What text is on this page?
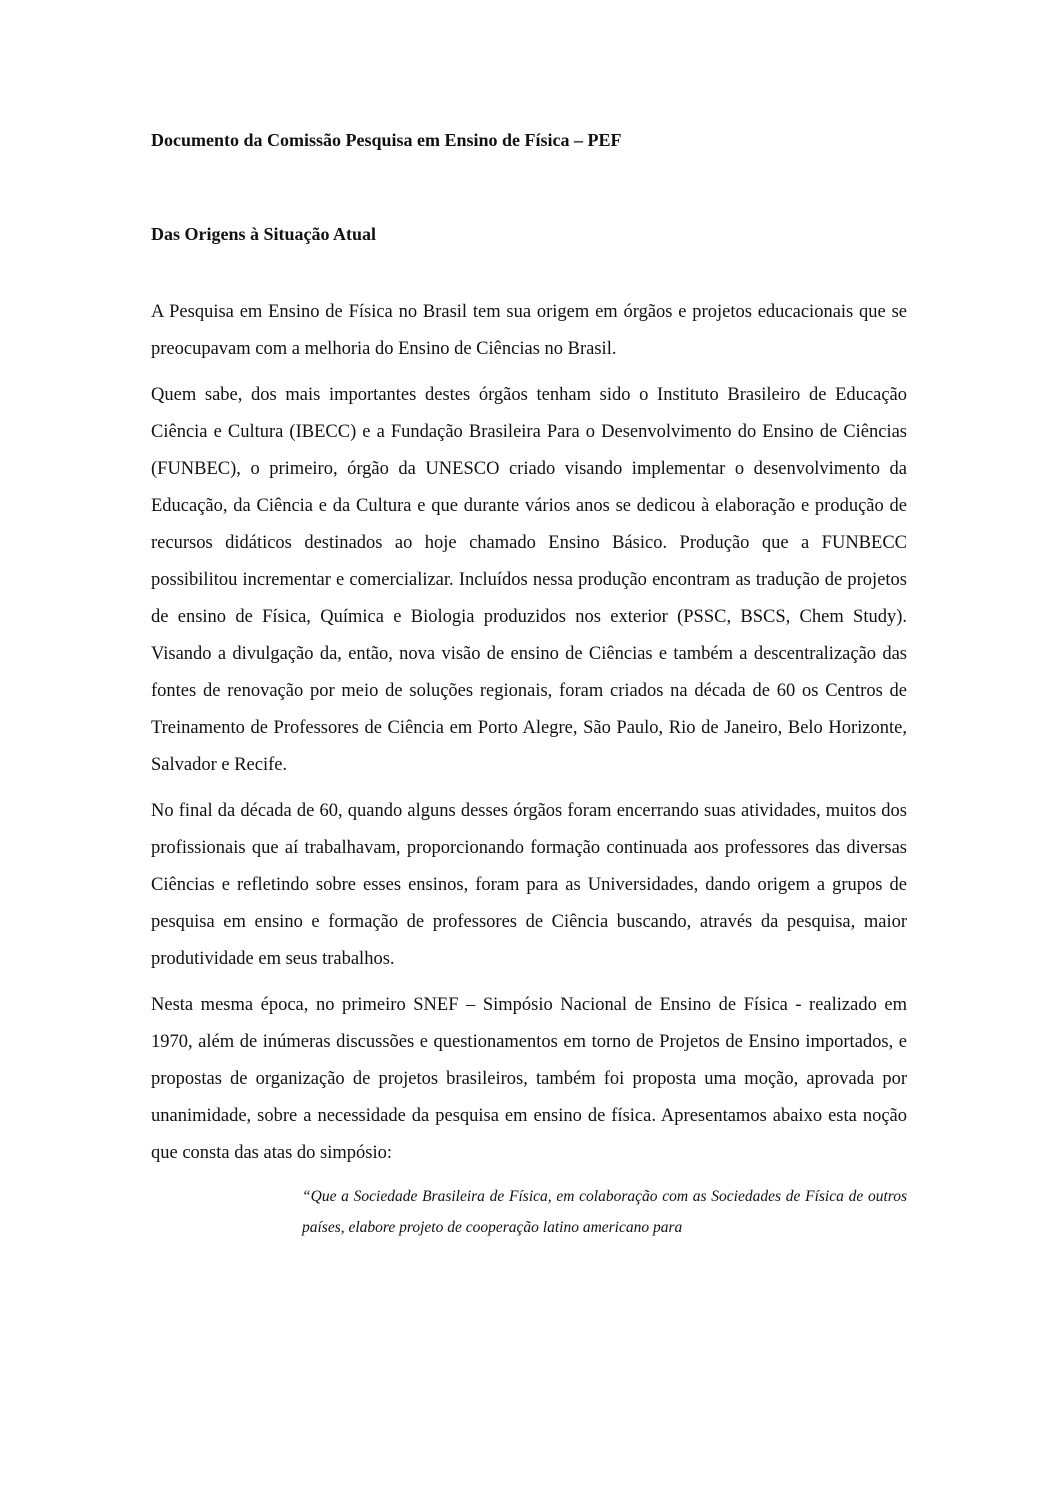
Documento da Comissão Pesquisa em Ensino de Física – PEF

Das Origens à Situação Atual

A Pesquisa em Ensino de Física no Brasil tem sua origem em órgãos e projetos educacionais que se preocupavam com a melhoria do Ensino de Ciências no Brasil.

Quem sabe, dos mais importantes destes órgãos tenham sido o Instituto Brasileiro de Educação Ciência e Cultura (IBECC) e a Fundação Brasileira Para o Desenvolvimento do Ensino de Ciências (FUNBEC), o primeiro, órgão da UNESCO criado visando implementar o desenvolvimento da Educação, da Ciência e da Cultura e que durante vários anos se dedicou à elaboração e produção de recursos didáticos destinados ao hoje chamado Ensino Básico. Produção que a FUNBECC possibilitou incrementar e comercializar. Incluídos nessa produção encontram as tradução de projetos de ensino de Física, Química e Biologia produzidos nos exterior (PSSC, BSCS, Chem Study). Visando a divulgação da, então, nova visão de ensino de Ciências e também a descentralização das fontes de renovação por meio de soluções regionais, foram criados na década de 60 os Centros de Treinamento de Professores de Ciência em Porto Alegre, São Paulo, Rio de Janeiro, Belo Horizonte, Salvador e Recife.

No final da década de 60, quando alguns desses órgãos foram encerrando suas atividades, muitos dos profissionais que aí trabalhavam, proporcionando formação continuada aos professores das diversas Ciências e refletindo sobre esses ensinos, foram para as Universidades, dando origem a grupos de pesquisa em ensino e formação de professores de Ciência buscando, através da pesquisa, maior produtividade em seus trabalhos.

Nesta mesma época, no primeiro SNEF – Simpósio Nacional de Ensino de Física - realizado em 1970, além de inúmeras discussões e questionamentos em torno de Projetos de Ensino importados, e propostas de organização de projetos brasileiros, também foi proposta uma moção, aprovada por unanimidade, sobre a necessidade da pesquisa em ensino de física. Apresentamos abaixo esta noção que consta das atas do simpósio:

“Que a Sociedade Brasileira de Física, em colaboração com as Sociedades de Física de outros países, elabore projeto de cooperação latino americano para
